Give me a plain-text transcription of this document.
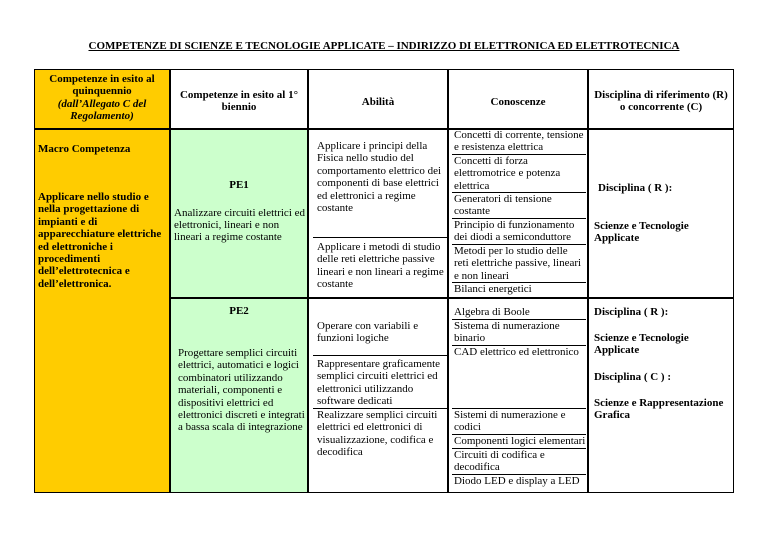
COMPETENZE DI SCIENZE E TECNOLOGIE APPLICATE – INDIRIZZO DI ELETTRONICA ED ELETTROTECNICA
Competenze in esito al
quinquennio
(dall’Allegato C del
Regolamento)
Macro Competenza
Applicare nello studio e
nella progettazione di
impianti e di
apparecchiature elettriche
ed elettroniche i
procedimenti
dell’elettrotecnica e
dell’elettronica.
Competenze in esito al 1°
biennio	Abilità	Conoscenze
Disciplina di riferimento (R)
o concorrente (C)
PE1
Analizzare circuiti elettrici ed
elettronici, lineari e non
lineari a regime costante
Applicare i principi della
Fisica nello studio del
comportamento elettrico dei
componenti di base elettrici
ed elettronici a regime
costante
Applicare i metodi di studio
delle reti elettriche passive
lineari e non lineari a regime
costante
Concetti di corrente, tensione
e resistenza elettrica
Concetti di forza
elettromotrice e potenza
elettrica
Generatori di tensione
costante
Principio di funzionamento
dei diodi a semiconduttore
Metodi per lo studio delle
reti elettriche passive, lineari
e non lineari
Bilanci energetici
Disciplina ( R ):
Scienze e Tecnologie
Applicate
PE2
Progettare semplici circuiti
elettrici, automatici e logici
combinatori utilizzando
materiali, componenti e
dispositivi elettrici ed
elettronici discreti e integrati
a bassa scala di integrazione
Operare con variabili e
funzioni logiche
Rappresentare graficamente
semplici circuiti elettrici ed
elettronici utilizzando
software dedicati
Realizzare semplici circuiti
elettrici ed elettronici di
visualizzazione, codifica e
decodifica
Algebra di Boole
Sistema di numerazione
binario
CAD elettrico ed elettronico
Sistemi di numerazione e
codici
Componenti logici elementari
Circuiti di codifica e
decodifica
Diodo LED e display a LED
Disciplina ( R ):
Scienze e Tecnologie
Applicate
Disciplina ( C ) :
Scienze e Rappresentazione
Grafica
